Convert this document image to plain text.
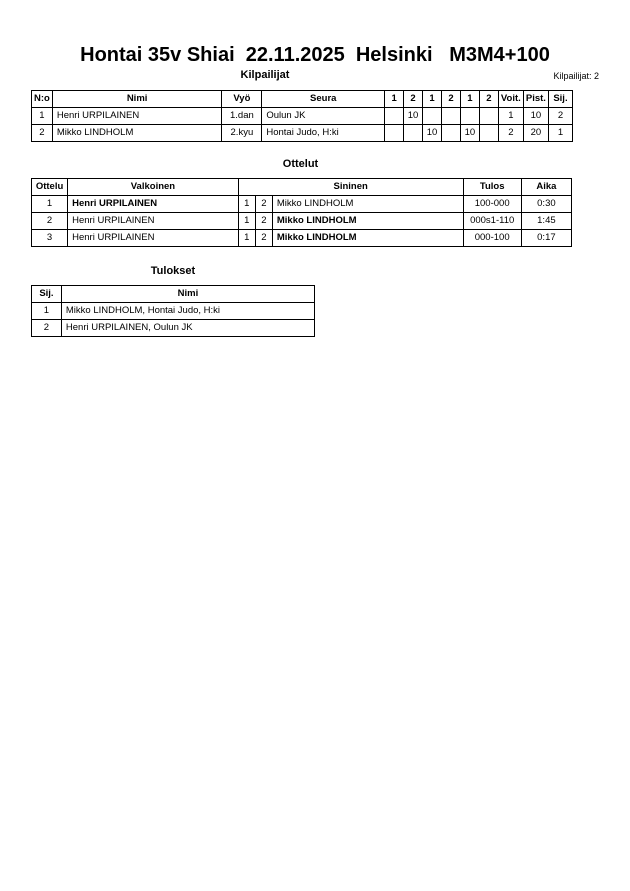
Hontai 35v Shiai  22.11.2025  Helsinki   M3M4+100
Kilpailijat	Kilpailijat: 2
N:o	Nimi	Vyö	Seura	1	2	1	2	1	2	Voit.	Pist.	Sij.
1	Henri URPILAINEN	1.dan	Oulun JK		10					1	10	2
2	Mikko LINDHOLM	2.kyu	Hontai Judo, H:ki			10		10		2	20	1
Ottelut
Ottelu	Valkoinen	Sininen			Tulos	Aika
1	Henri URPILAINEN	1	2	Mikko LINDHOLM	100-000	0:30
2	Henri URPILAINEN	1	2	Mikko LINDHOLM	000s1-110	1:45
3	Henri URPILAINEN	1	2	Mikko LINDHOLM	000-100	0:17
Tulokset
Sij.	Nimi
1	Mikko LINDHOLM, Hontai Judo, H:ki
2	Henri URPILAINEN, Oulun JK
